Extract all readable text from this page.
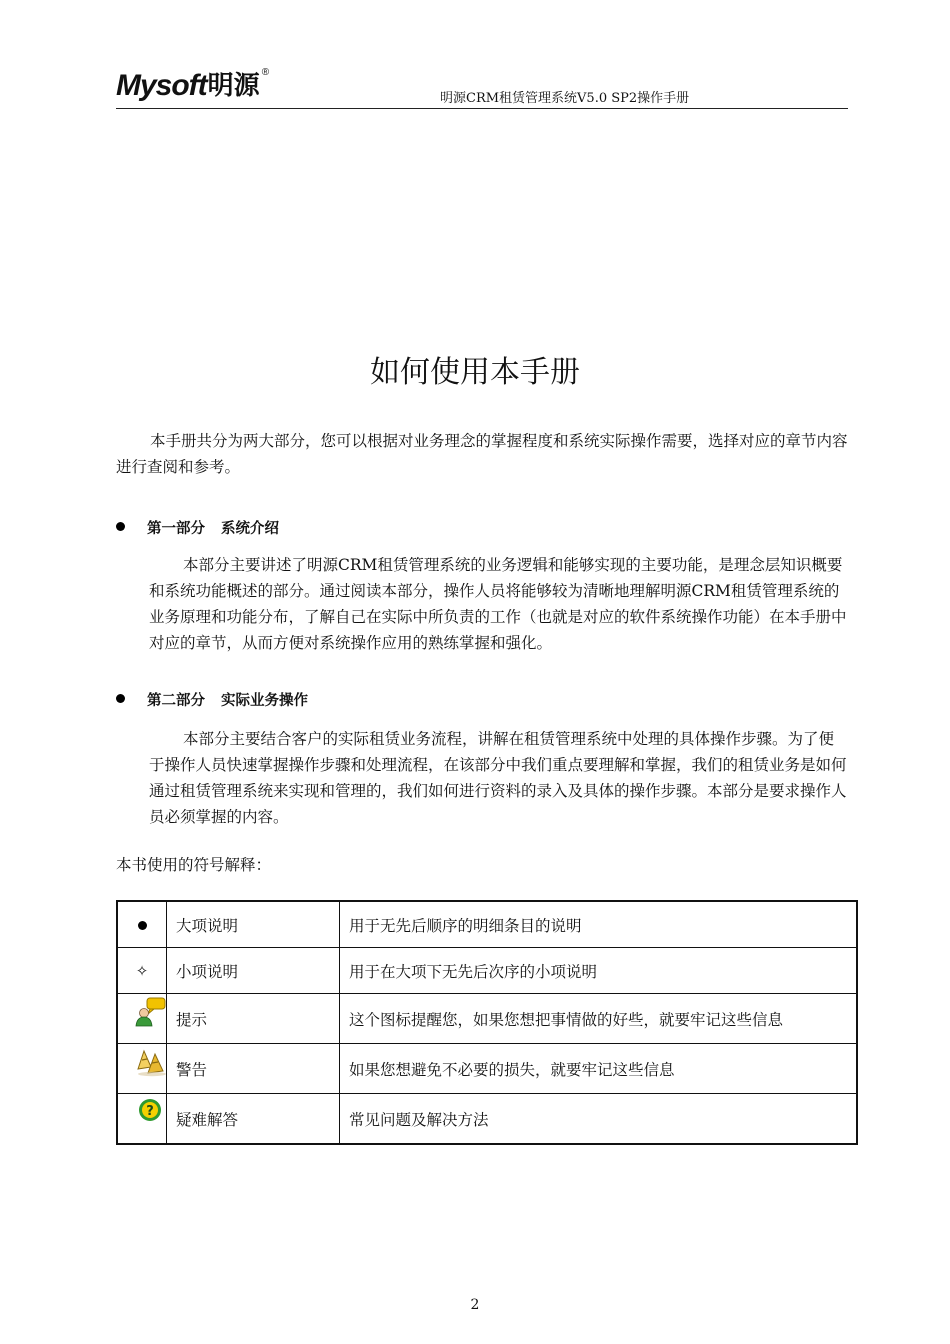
Mysoft 明源 ®
明源CRM租赁管理系统V5.0 SP2操作手册
如何使用本手册

本手册共分为两大部分，您可以根据对业务理念的掌握程度和系统实际操作需要，选择对应的章节内容进行查阅和参考。

第一部分 系统介绍

本部分主要讲述了明源CRM租赁管理系统的业务逻辑和能够实现的主要功能，是理念层知识概要和系统功能概述的部分。通过阅读本部分，操作人员将能够较为清晰地理解明源CRM租赁管理系统的业务原理和功能分布，了解自己在实际中所负责的工作（也就是对应的软件系统操作功能）在本手册中对应的章节，从而方便对系统操作应用的熟练掌握和强化。

第二部分 实际业务操作

本部分主要结合客户的实际租赁业务流程，讲解在租赁管理系统中处理的具体操作步骤。为了便于操作人员快速掌握操作步骤和处理流程，在该部分中我们重点要理解和掌握，我们的租赁业务是如何通过租赁管理系统来实现和管理的，我们如何进行资料的录入及具体的操作步骤。本部分是要求操作人员必须掌握的内容。

本书使用的符号解释：
	大项说明	用于无先后顺序的明细条目的说明
✧	小项说明	用于在大项下无先后次序的小项说明

	提示	这个图标提醒您，如果您想把事情做的好些，就要牢记这些信息

	警告	如果您想避免不必要的损失，就要牢记这些信息

?	疑难解答	常见问题及解决方法
2
